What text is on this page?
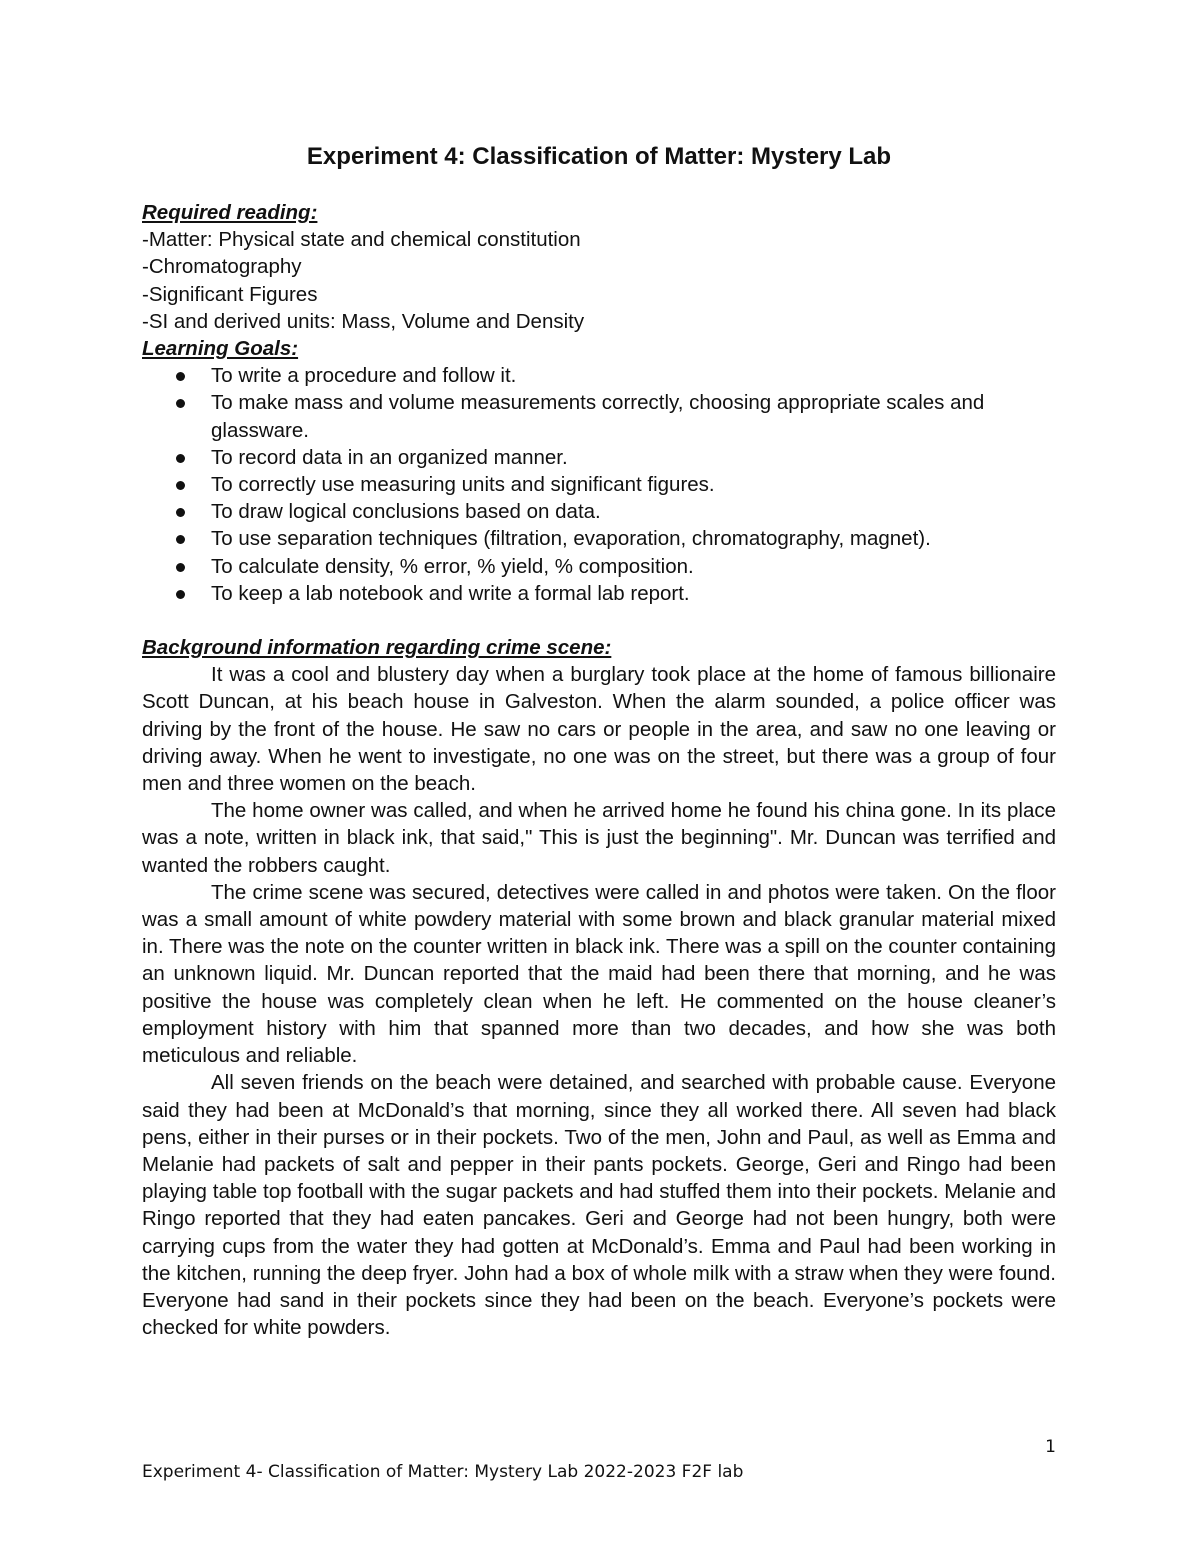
Experiment 4: Classification of Matter: Mystery Lab
Required reading:
-Matter: Physical state and chemical constitution
-Chromatography
-Significant Figures
-SI and derived units: Mass, Volume and Density
Learning Goals:
To write a procedure and follow it.
To make mass and volume measurements correctly, choosing appropriate scales and glassware.
To record data in an organized manner.
To correctly use measuring units and significant figures.
To draw logical conclusions based on data.
To use separation techniques (filtration, evaporation, chromatography, magnet).
To calculate density, % error, % yield, % composition.
To keep a lab notebook and write a formal lab report.
Background information regarding crime scene:

It was a cool and blustery day when a burglary took place at the home of famous billionaire Scott Duncan, at his beach house in Galveston. When the alarm sounded, a police officer was driving by the front of the house. He saw no cars or people in the area, and saw no one leaving or driving away. When he went to investigate, no one was on the street, but there was a group of four men and three women on the beach.

The home owner was called, and when he arrived home he found his china gone. In its place was a note, written in black ink, that said," This is just the beginning". Mr. Duncan was terrified and wanted the robbers caught.

The crime scene was secured, detectives were called in and photos were taken. On the floor was a small amount of white powdery material with some brown and black granular material mixed in. There was the note on the counter written in black ink. There was a spill on the counter containing an unknown liquid. Mr. Duncan reported that the maid had been there that morning, and he was positive the house was completely clean when he left. He commented on the house cleaner’s employment history with him that spanned more than two decades, and how she was both meticulous and reliable.

All seven friends on the beach were detained, and searched with probable cause. Everyone said they had been at McDonald’s that morning, since they all worked there. All seven had black pens, either in their purses or in their pockets. Two of the men, John and Paul, as well as Emma and Melanie had packets of salt and pepper in their pants pockets. George, Geri and Ringo had been playing table top football with the sugar packets and had stuffed them into their pockets. Melanie and Ringo reported that they had eaten pancakes. Geri and George had not been hungry, both were carrying cups from the water they had gotten at McDonald’s. Emma and Paul had been working in the kitchen, running the deep fryer. John had a box of whole milk with a straw when they were found. Everyone had sand in their pockets since they had been on the beach. Everyone’s pockets were checked for white powders.

1
Experiment 4- Classification of Matter: Mystery Lab 2022-2023 F2F lab
